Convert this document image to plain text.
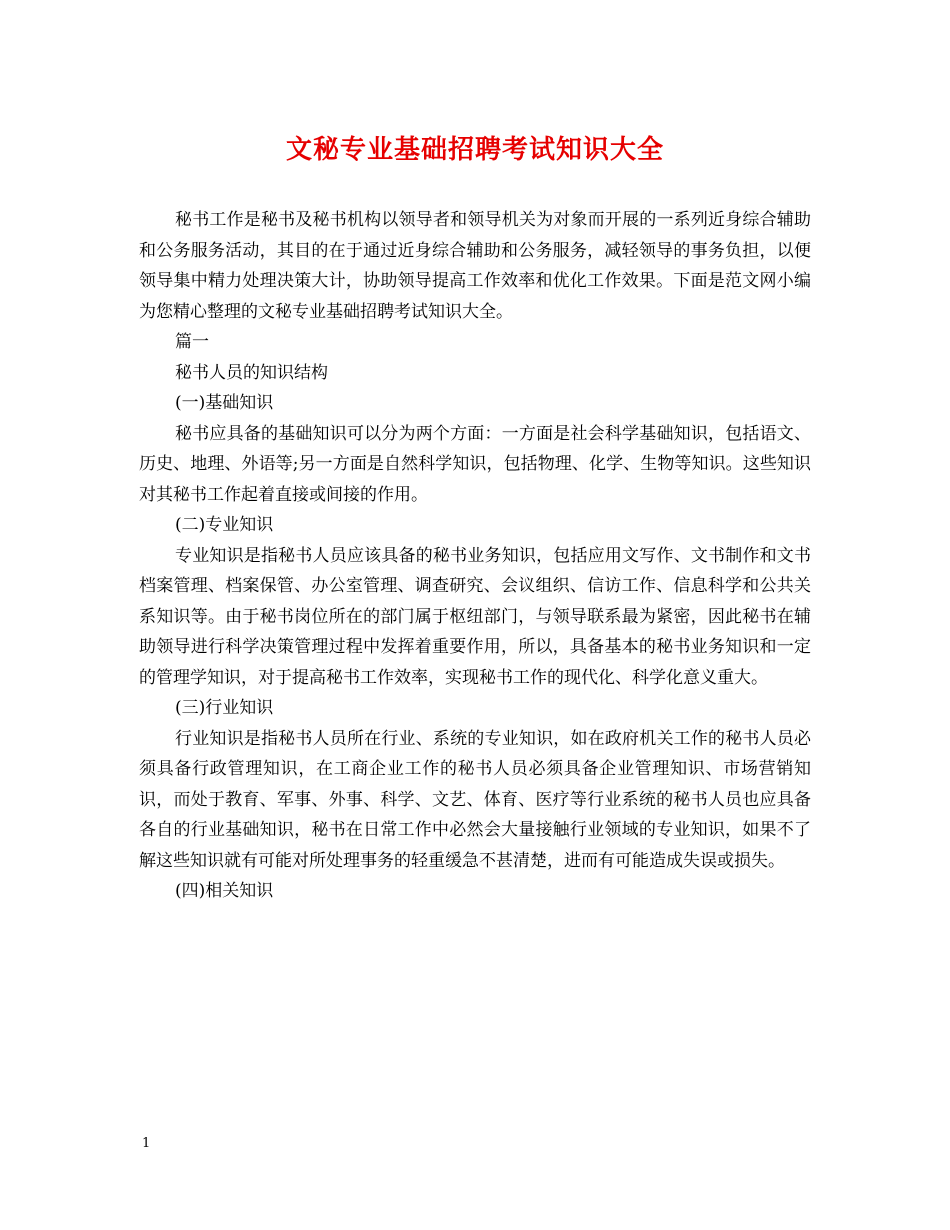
文秘专业基础招聘考试知识大全

秘书工作是秘书及秘书机构以领导者和领导机关为对象而开展的一系列近身综合辅助和公务服务活动，其目的在于通过近身综合辅助和公务服务，减轻领导的事务负担，以便领导集中精力处理决策大计，协助领导提高工作效率和优化工作效果。下面是范文网小编为您精心整理的文秘专业基础招聘考试知识大全。

篇一

秘书人员的知识结构

(一)基础知识

秘书应具备的基础知识可以分为两个方面：一方面是社会科学基础知识，包括语文、历史、地理、外语等;另一方面是自然科学知识，包括物理、化学、生物等知识。这些知识对其秘书工作起着直接或间接的作用。

(二)专业知识

专业知识是指秘书人员应该具备的秘书业务知识，包括应用文写作、文书制作和文书档案管理、档案保管、办公室管理、调查研究、会议组织、信访工作、信息科学和公共关系知识等。由于秘书岗位所在的部门属于枢纽部门，与领导联系最为紧密，因此秘书在辅助领导进行科学决策管理过程中发挥着重要作用，所以，具备基本的秘书业务知识和一定的管理学知识，对于提高秘书工作效率，实现秘书工作的现代化、科学化意义重大。

(三)行业知识

行业知识是指秘书人员所在行业、系统的专业知识，如在政府机关工作的秘书人员必须具备行政管理知识，在工商企业工作的秘书人员必须具备企业管理知识、市场营销知识，而处于教育、军事、外事、科学、文艺、体育、医疗等行业系统的秘书人员也应具备各自的行业基础知识，秘书在日常工作中必然会大量接触行业领域的专业知识，如果不了解这些知识就有可能对所处理事务的轻重缓急不甚清楚，进而有可能造成失误或损失。

(四)相关知识

1
